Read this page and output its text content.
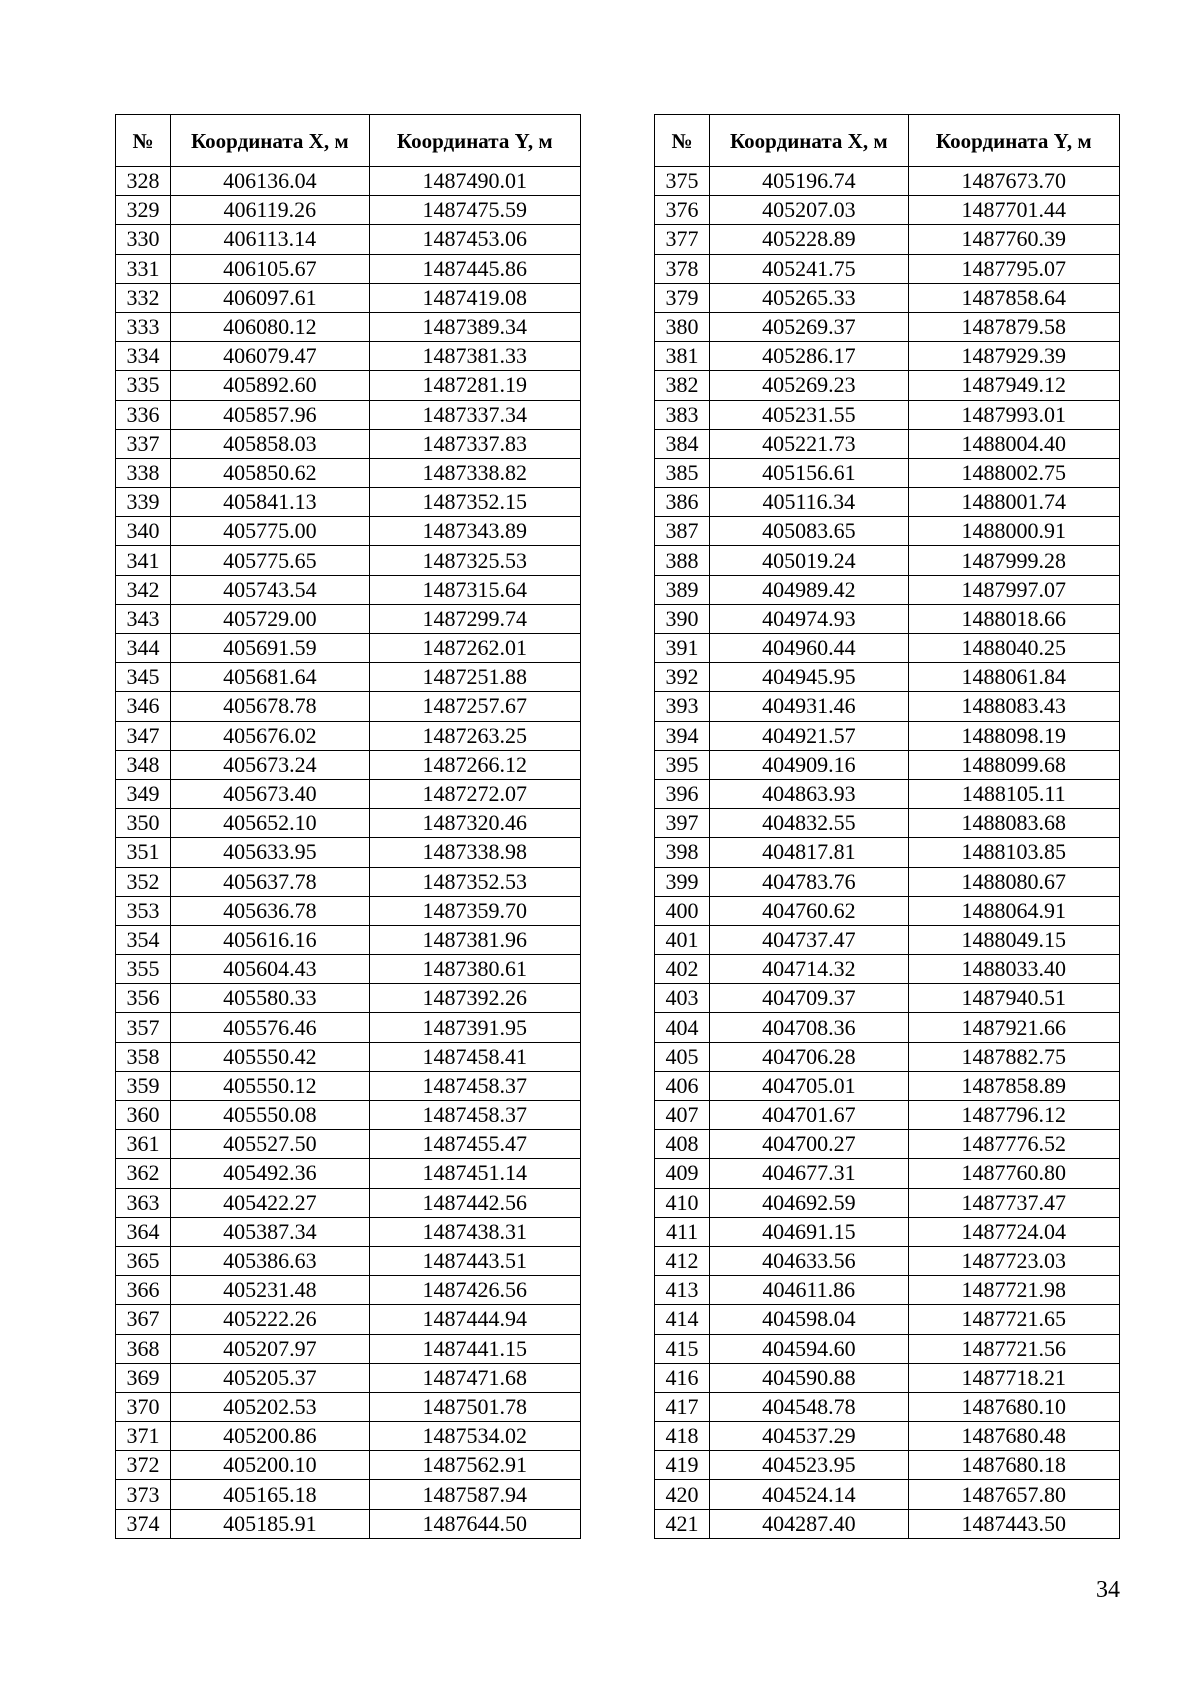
№	Координата Х, м	Координата Y, м
328	406136.04	1487490.01
329	406119.26	1487475.59
330	406113.14	1487453.06
331	406105.67	1487445.86
332	406097.61	1487419.08
333	406080.12	1487389.34
334	406079.47	1487381.33
335	405892.60	1487281.19
336	405857.96	1487337.34
337	405858.03	1487337.83
338	405850.62	1487338.82
339	405841.13	1487352.15
340	405775.00	1487343.89
341	405775.65	1487325.53
342	405743.54	1487315.64
343	405729.00	1487299.74
344	405691.59	1487262.01
345	405681.64	1487251.88
346	405678.78	1487257.67
347	405676.02	1487263.25
348	405673.24	1487266.12
349	405673.40	1487272.07
350	405652.10	1487320.46
351	405633.95	1487338.98
352	405637.78	1487352.53
353	405636.78	1487359.70
354	405616.16	1487381.96
355	405604.43	1487380.61
356	405580.33	1487392.26
357	405576.46	1487391.95
358	405550.42	1487458.41
359	405550.12	1487458.37
360	405550.08	1487458.37
361	405527.50	1487455.47
362	405492.36	1487451.14
363	405422.27	1487442.56
364	405387.34	1487438.31
365	405386.63	1487443.51
366	405231.48	1487426.56
367	405222.26	1487444.94
368	405207.97	1487441.15
369	405205.37	1487471.68
370	405202.53	1487501.78
371	405200.86	1487534.02
372	405200.10	1487562.91
373	405165.18	1487587.94
374	405185.91	1487644.50
№	Координата Х, м	Координата Y, м
375	405196.74	1487673.70
376	405207.03	1487701.44
377	405228.89	1487760.39
378	405241.75	1487795.07
379	405265.33	1487858.64
380	405269.37	1487879.58
381	405286.17	1487929.39
382	405269.23	1487949.12
383	405231.55	1487993.01
384	405221.73	1488004.40
385	405156.61	1488002.75
386	405116.34	1488001.74
387	405083.65	1488000.91
388	405019.24	1487999.28
389	404989.42	1487997.07
390	404974.93	1488018.66
391	404960.44	1488040.25
392	404945.95	1488061.84
393	404931.46	1488083.43
394	404921.57	1488098.19
395	404909.16	1488099.68
396	404863.93	1488105.11
397	404832.55	1488083.68
398	404817.81	1488103.85
399	404783.76	1488080.67
400	404760.62	1488064.91
401	404737.47	1488049.15
402	404714.32	1488033.40
403	404709.37	1487940.51
404	404708.36	1487921.66
405	404706.28	1487882.75
406	404705.01	1487858.89
407	404701.67	1487796.12
408	404700.27	1487776.52
409	404677.31	1487760.80
410	404692.59	1487737.47
411	404691.15	1487724.04
412	404633.56	1487723.03
413	404611.86	1487721.98
414	404598.04	1487721.65
415	404594.60	1487721.56
416	404590.88	1487718.21
417	404548.78	1487680.10
418	404537.29	1487680.48
419	404523.95	1487680.18
420	404524.14	1487657.80
421	404287.40	1487443.50
34
